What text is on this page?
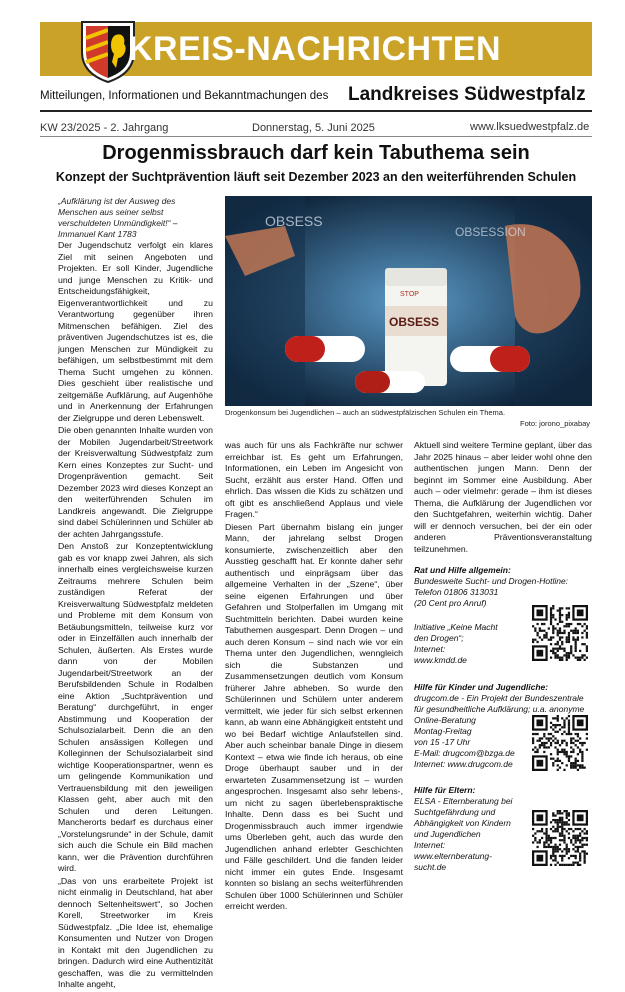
KREIS-NACHRICHTEN
Mitteilungen, Informationen und Bekanntmachungen des Landkreises Südwestpfalz
KW 23/2025 - 2. Jahrgang	Donnerstag, 5. Juni 2025	www.lksuedwestpfalz.de
Drogenmissbrauch darf kein Tabuthema sein
Konzept der Suchtprävention läuft seit Dezember 2023 an den weiterführenden Schulen
„Aufklärung ist der Ausweg des Menschen aus seiner selbst verschuldeten Unmündigkeit!“ – Immanuel Kant 1783

Der Jugendschutz verfolgt ein klares Ziel mit seinen Angeboten und Projekten. Er soll Kinder, Jugendliche und junge Menschen zu Kritik- und Entscheidungsfähigkeit, Eigenverantwortlichkeit und zu Verantwortung gegenüber ihren Mitmenschen befähigen. Ziel des präventiven Jugendschutzes ist es, die jungen Menschen zur Mündigkeit zu befähigen, um selbstbestimmt mit dem Thema Sucht umgehen zu können. Dies geschieht über realistische und zeitgemäße Aufklärung, auf Augenhöhe und in Anerkennung der Erfahrungen der Zielgruppe und deren Lebenswelt.

Die oben genannten Inhalte wurden von der Mobilen Jugendarbeit/Streetwork der Kreisverwaltung Südwestpfalz zum Kern eines Konzeptes zur Sucht- und Drogenprävention gemacht. Seit Dezember 2023 wird dieses Konzept an den weiterführenden Schulen im Landkreis angewandt. Die Zielgruppe sind dabei Schülerinnen und Schüler ab der achten Jahrgangsstufe.

Den Anstoß zur Konzeptentwicklung gab es vor knapp zwei Jahren, als sich innerhalb eines vergleichsweise kurzen Zeitraums mehrere Schulen beim zuständigen Referat der Kreisverwaltung Südwestpfalz meldeten und Probleme mit dem Konsum von Betäubungsmitteln, teilweise kurz vor oder in Einzelfällen auch innerhalb der Schulen, äußerten. Als Erstes wurde dann von der Mobilen Jugendarbeit/Streetwork an der Berufsbildenden Schule in Rodalben eine Aktion „Suchtprävention und Beratung“ durchgeführt, in enger Abstimmung und Kooperation der Schulsozialarbeit. Denn die an den Schulen ansässigen Kollegen und Kolleginnen der Schulsozialarbeit sind wichtige Kooperationspartner, wenn es um gelingende Kommunikation und Vertrauensbildung mit den jeweiligen Klassen geht, aber auch mit den Schulen und deren Leitungen. Mancherorts bedarf es durchaus einer „Vorstelungsrunde“ in der Schule, damit sich auch die Schule ein Bild machen kann, wer die Prävention durchführen wird.

„Das von uns erarbeitete Projekt ist nicht einmalig in Deutschland, hat aber dennoch Seltenheitswert“, so Jochen Korell, Streetworker im Kreis Südwestpfalz. „Die Idee ist, ehemalige Konsumenten und Nutzer von Drogen in Kontakt mit den Jugendlichen zu bringen. Dadurch wird eine Authentizität geschaffen, was die zu vermittelnden Inhalte angeht,

OBSESS
OBSESSION
OBSESS
STOP
Drogenkonsum bei Jugendlichen – auch an südwestpfälzischen Schulen ein Thema.
Foto: jorono_pixabay

was auch für uns als Fachkräfte nur schwer erreichbar ist. Es geht um Erfahrungen, Informationen, ein Leben im Angesicht von Sucht, erzählt aus erster Hand. Offen und ehrlich. Das wissen die Kids zu schätzen und oft gibt es anschließend Applaus und viele Fragen.“

Diesen Part übernahm bislang ein junger Mann, der jahrelang selbst Drogen konsumierte, zwischenzeitlich aber den Ausstieg geschafft hat. Er konnte daher sehr authentisch und einprägsam über das allgemeine Verhalten in der „Szene“, über seine eigenen Erfahrungen und über Gefahren und Stolperfallen im Umgang mit Suchtmitteln berichten. Dabei wurden keine Tabuthemen ausgespart. Denn Drogen – und auch deren Konsum – sind nach wie vor ein Thema unter den Jugendlichen, wenngleich sich die Substanzen und Zusammensetzungen deutlich vom Konsum früherer Jahre abheben. So wurde den Schülerinnen und Schülern unter anderem vermittelt, wie jeder für sich selbst erkennen kann, ab wann eine Abhängigkeit entsteht und wo bei Bedarf wichtige Anlaufstellen sind. Aber auch scheinbar banale Dinge in diesem Kontext – etwa wie finde ich heraus, ob eine Droge überhaupt sauber und in der erwarteten Zusammensetzung ist – wurden angesprochen. Insgesamt also sehr lebens-, um nicht zu sagen überlebenspraktische Inhalte. Denn dass es bei Sucht und Drogenmissbrauch auch immer irgendwie ums Überleben geht, auch das wurde den Jugendlichen anhand erlebter Geschichten und Fälle geschildert. Und die fanden leider nicht immer ein gutes Ende. Insgesamt konnten so bislang an sechs weiterführenden Schulen über 1000 Schülerinnen und Schüler erreicht werden.

Aktuell sind weitere Termine geplant, über das Jahr 2025 hinaus – aber leider wohl ohne den authentischen jungen Mann. Denn der beginnt im Sommer eine Ausbildung. Aber auch – oder vielmehr: gerade – ihm ist dieses Thema, die Aufklärung der Jugendlichen vor den Suchtgefahren, weiterhin wichtig. Daher will er dennoch versuchen, bei der ein oder anderen Präventionsveranstaltung teilzunehmen.

Rat und Hilfe allgemein:
Bundesweite Sucht- und Drogen-Hotline:
Telefon 01806 313031
(20 Cent pro Anruf)
Initiative „Keine Macht
den Drogen“;
Internet:
www.kmdd.de
Hilfe für Kinder und Jugendliche:
drugcom.de - Ein Projekt der Bundeszentrale
für gesundheitliche Aufklärung; u.a. anonyme
Online-Beratung
Montag-Freitag
von 15 -17 Uhr
E-Mail: drugcom@bzga.de
Internet: www.drugcom.de
Hilfe für Eltern:
ELSA - Elternberatung bei
Suchtgefährdung und
Abhängigkeit von Kindern
und Jugendlichen
Internet:
www.elternberatung-
sucht.de
